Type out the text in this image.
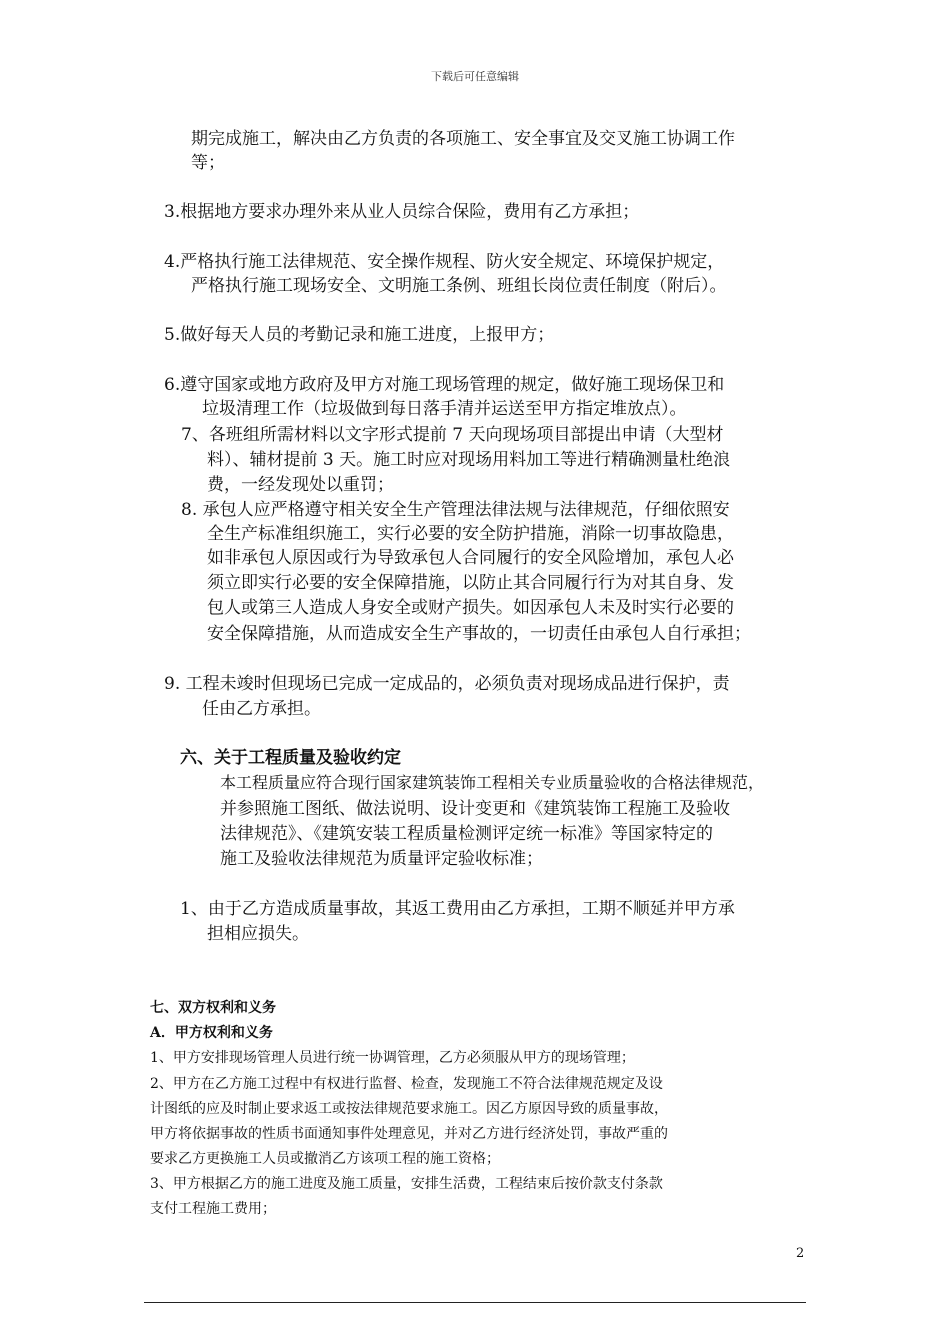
下载后可任意编辑
期完成施工，解决由乙方负责的各项施工、安全事宜及交叉施工协调工作
等；
3.根据地方要求办理外来从业人员综合保险，费用有乙方承担；
4.严格执行施工法律规范、安全操作规程、防火安全规定、环境保护规定，
严格执行施工现场安全、文明施工条例、班组长岗位责任制度（附后）。
5.做好每天人员的考勤记录和施工进度，上报甲方；
6.遵守国家或地方政府及甲方对施工现场管理的规定，做好施工现场保卫和
垃圾清理工作（垃圾做到每日落手清并运送至甲方指定堆放点）。
7、各班组所需材料以文字形式提前 7 天向现场项目部提出申请（大型材
料）、辅材提前 3 天。施工时应对现场用料加工等进行精确测量杜绝浪
费，一经发现处以重罚；
8. 承包人应严格遵守相关安全生产管理法律法规与法律规范，仔细依照安
全生产标准组织施工，实行必要的安全防护措施，消除一切事故隐患，
如非承包人原因或行为导致承包人合同履行的安全风险增加，承包人必
须立即实行必要的安全保障措施，以防止其合同履行行为对其自身、发
包人或第三人造成人身安全或财产损失。如因承包人未及时实行必要的
安全保障措施，从而造成安全生产事故的，一切责任由承包人自行承担；
9. 工程未竣时但现场已完成一定成品的，必须负责对现场成品进行保护，责
任由乙方承担。
六、关于工程质量及验收约定
本工程质量应符合现行国家建筑装饰工程相关专业质量验收的合格法律规范，
并参照施工图纸、做法说明、设计变更和《建筑装饰工程施工及验收
法律规范》、《建筑安装工程质量检测评定统一标准》等国家特定的
施工及验收法律规范为质量评定验收标准；
1、由于乙方造成质量事故，其返工费用由乙方承担，工期不顺延并甲方承
担相应损失。
七、双方权利和义务
A．甲方权利和义务
1、甲方安排现场管理人员进行统一协调管理，乙方必须服从甲方的现场管理；
2、甲方在乙方施工过程中有权进行监督、检查，发现施工不符合法律规范规定及设
计图纸的应及时制止要求返工或按法律规范要求施工。因乙方原因导致的质量事故，
甲方将依据事故的性质书面通知事件处理意见，并对乙方进行经济处罚，事故严重的
要求乙方更换施工人员或撤消乙方该项工程的施工资格；
3、甲方根据乙方的施工进度及施工质量，安排生活费，工程结束后按价款支付条款
支付工程施工费用；
2
